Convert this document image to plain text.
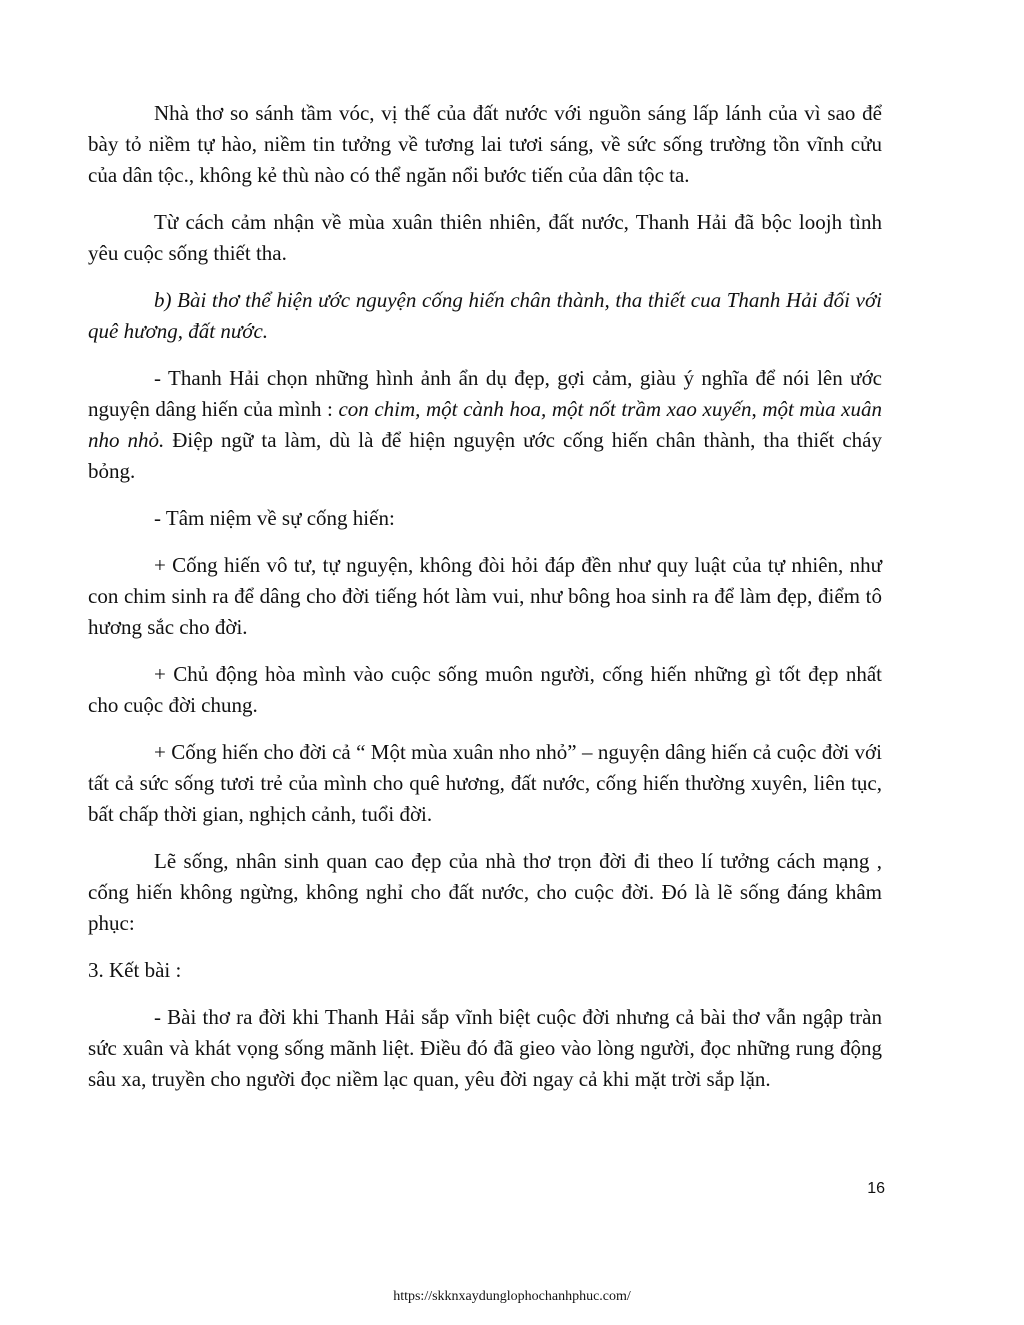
Nhà thơ so sánh tầm vóc, vị thế của đất nước với nguồn sáng lấp lánh của vì sao để bày tỏ niềm tự hào, niềm tin tưởng về tương lai tươi sáng, về sức sống trường tồn vĩnh cửu của dân tộc., không kẻ thù nào có thể ngăn nổi bước tiến của dân tộc ta.

Từ cách cảm nhận về mùa xuân thiên nhiên, đất nước, Thanh Hải đã bộc loojh tình yêu cuộc sống thiết tha.

b) Bài thơ thể hiện ước nguyện cống hiến chân thành, tha thiết cua Thanh Hải đối với quê hương, đất nước.

- Thanh Hải chọn những hình ảnh ẩn dụ đẹp, gợi cảm, giàu ý nghĩa để nói lên ước nguyện dâng hiến của mình : con chim, một cành hoa, một nốt trầm xao xuyến, một mùa xuân nho nhỏ. Điệp ngữ ta làm, dù là để hiện nguyện ước cống hiến chân thành, tha thiết cháy bỏng.

- Tâm niệm về sự cống hiến:

+ Cống hiến vô tư, tự nguyện, không đòi hỏi đáp đền như quy luật của tự nhiên, như con chim sinh ra để dâng cho đời tiếng hót làm vui, như bông hoa sinh ra để làm đẹp, điểm tô hương sắc cho đời.

+ Chủ động hòa mình vào cuộc sống muôn người, cống hiến những gì tốt đẹp nhất cho cuộc đời chung.

+ Cống hiến cho đời cả “ Một mùa xuân nho nhỏ” – nguyện dâng hiến cả cuộc đời với tất cả sức sống tươi trẻ của mình cho quê hương, đất nước, cống hiến thường xuyên, liên tục, bất chấp thời gian, nghịch cảnh, tuổi đời.

Lẽ sống, nhân sinh quan cao đẹp của nhà thơ trọn đời đi theo lí tưởng cách mạng , cống hiến không ngừng, không nghỉ cho đất nước, cho cuộc đời. Đó là lẽ sống đáng khâm phục:

3. Kết bài :

- Bài thơ ra đời khi Thanh Hải sắp vĩnh biệt cuộc đời nhưng cả bài thơ vẫn ngập tràn sức xuân và khát vọng sống mãnh liệt. Điều đó đã gieo vào lòng người, đọc những rung động sâu xa, truyền cho người đọc niềm lạc quan, yêu đời ngay cả khi mặt trời sắp lặn.

16
https://skknxaydunglophochanhphuc.com/
